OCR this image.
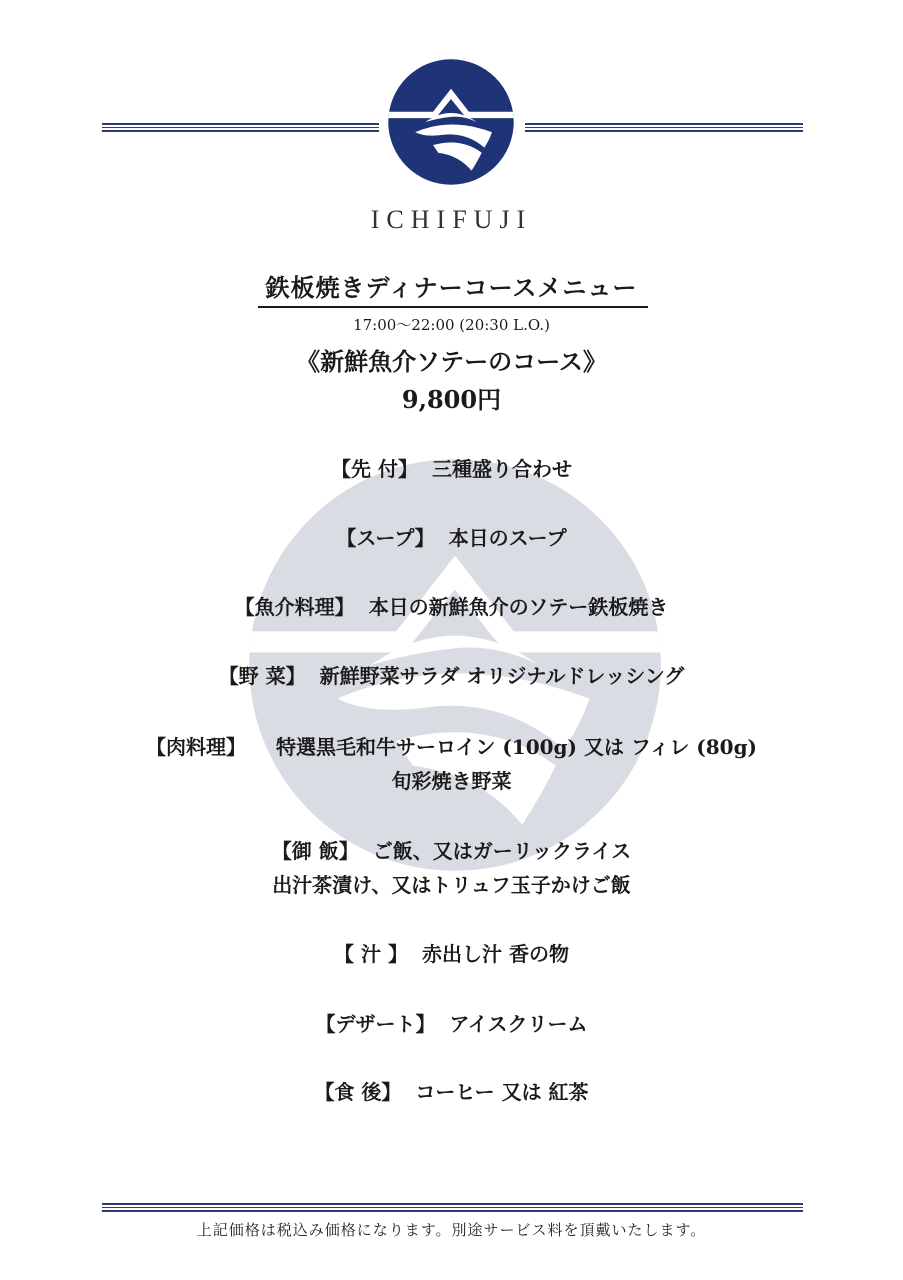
ICHIFUJI
鉄板焼きディナーコースメニュー
17:00〜22:00 (20:30 L.O.)
《新鮮魚介ソテーのコース》
9,800円
【先 付】 三種盛り合わせ
【スープ】 本日のスープ
【魚介料理】 本日の新鮮魚介のソテー鉄板焼き
【野 菜】 新鮮野菜サラダ オリジナルドレッシング
【肉料理】 特選黒毛和牛サーロイン (100g) 又は フィレ (80g)
旬彩焼き野菜
【御 飯】 ご飯、又はガーリックライス
出汁茶漬け、又はトリュフ玉子かけご飯
【 汁 】 赤出し汁 香の物
【デザート】 アイスクリーム
【食 後】 コーヒー 又は 紅茶
上記価格は税込み価格になります。別途サービス料を頂戴いたします。
